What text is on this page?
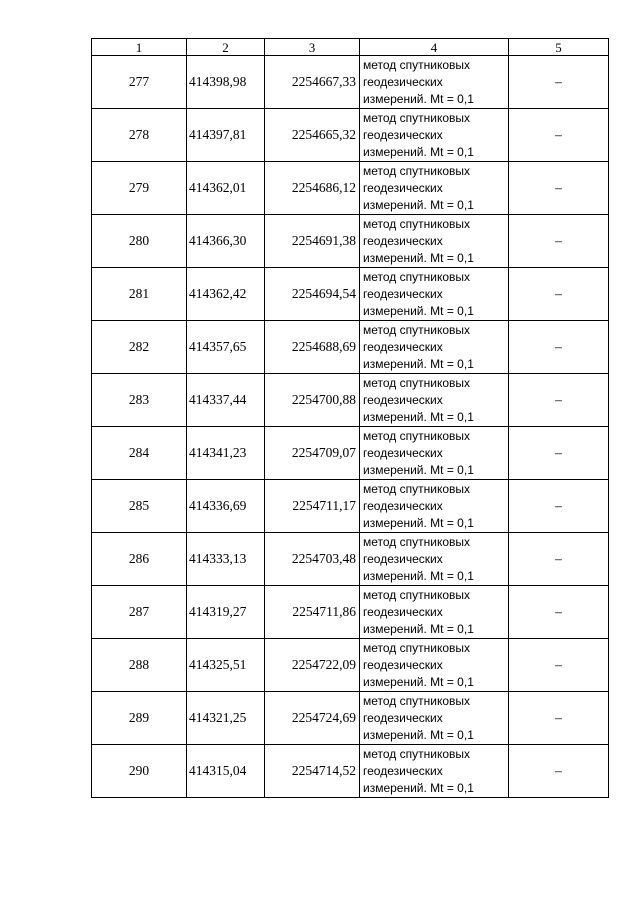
1	2	3	4	5
277	414398,98	2254667,33	метод спутниковых
геодезических
измерений. Mt = 0,1	–
278	414397,81	2254665,32	метод спутниковых
геодезических
измерений. Mt = 0,1	–
279	414362,01	2254686,12	метод спутниковых
геодезических
измерений. Mt = 0,1	–
280	414366,30	2254691,38	метод спутниковых
геодезических
измерений. Mt = 0,1	–
281	414362,42	2254694,54	метод спутниковых
геодезических
измерений. Mt = 0,1	–
282	414357,65	2254688,69	метод спутниковых
геодезических
измерений. Mt = 0,1	–
283	414337,44	2254700,88	метод спутниковых
геодезических
измерений. Mt = 0,1	–
284	414341,23	2254709,07	метод спутниковых
геодезических
измерений. Mt = 0,1	–
285	414336,69	2254711,17	метод спутниковых
геодезических
измерений. Mt = 0,1	–
286	414333,13	2254703,48	метод спутниковых
геодезических
измерений. Mt = 0,1	–
287	414319,27	2254711,86	метод спутниковых
геодезических
измерений. Mt = 0,1	–
288	414325,51	2254722,09	метод спутниковых
геодезических
измерений. Mt = 0,1	–
289	414321,25	2254724,69	метод спутниковых
геодезических
измерений. Mt = 0,1	–
290	414315,04	2254714,52	метод спутниковых
геодезических
измерений. Mt = 0,1	–
